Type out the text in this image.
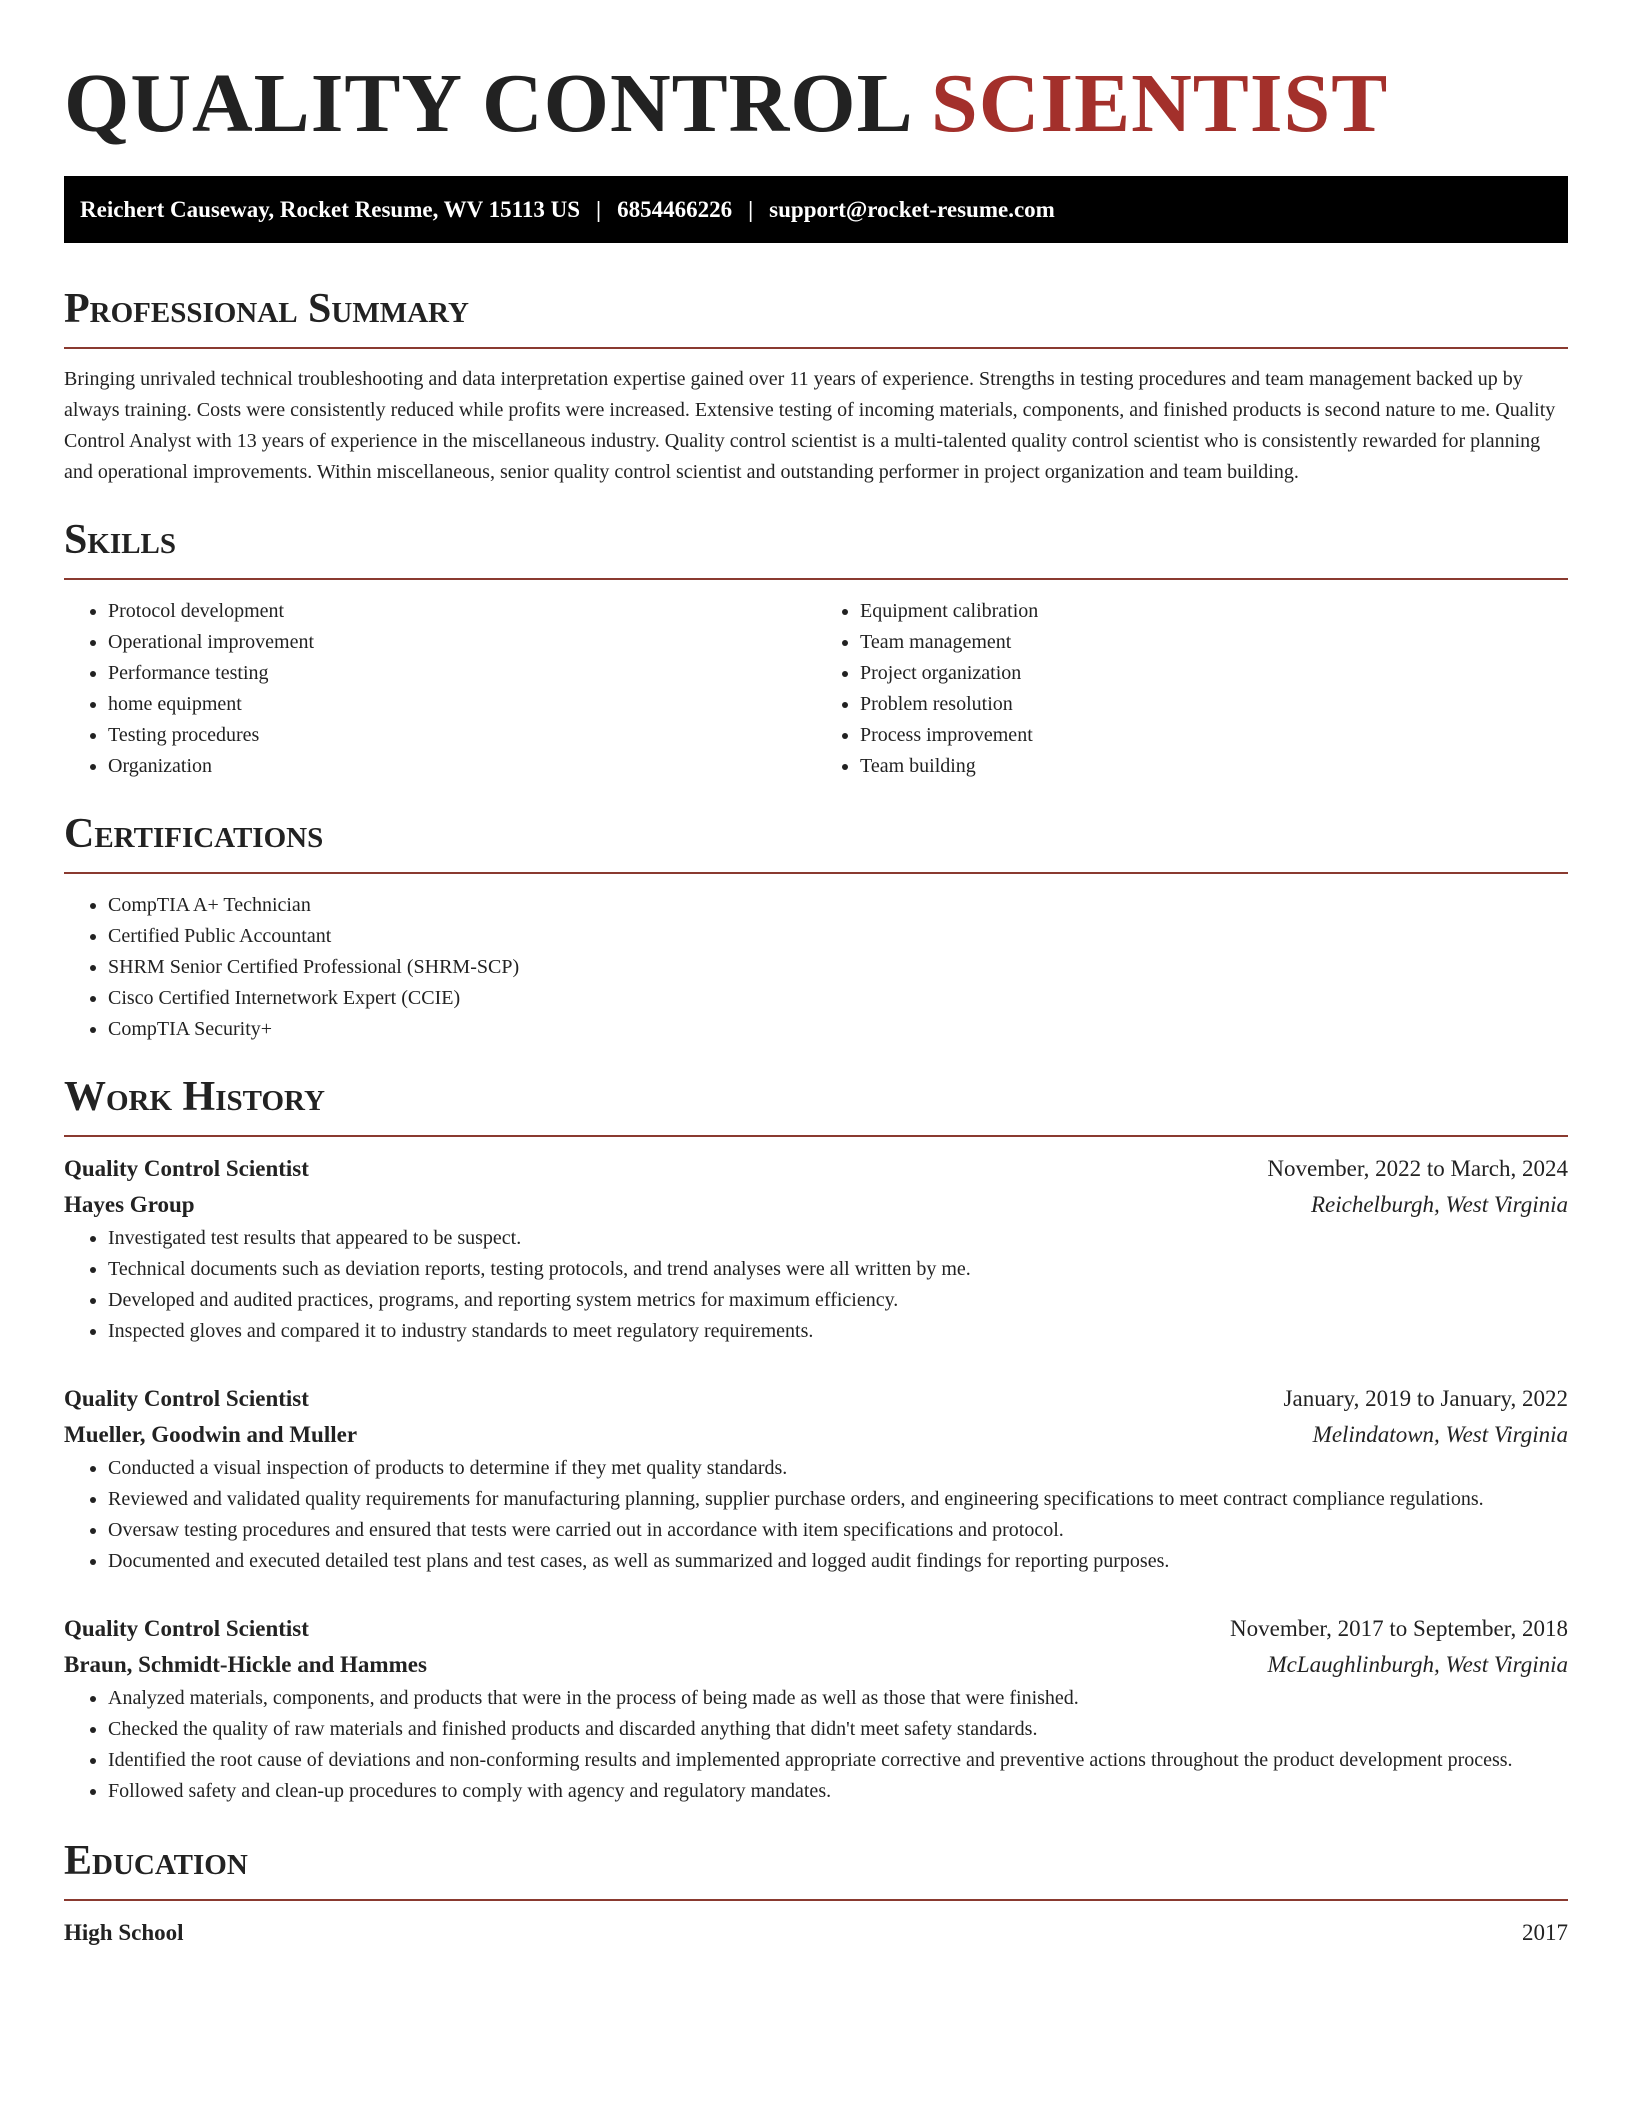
QUALITY CONTROL SCIENTIST
Reichert Causeway, Rocket Resume, WV 15113 US | 6854466226 | support@rocket-resume.com
Professional Summary

Bringing unrivaled technical troubleshooting and data interpretation expertise gained over 11 years of experience. Strengths in testing procedures and team management backed up by always training. Costs were consistently reduced while profits were increased. Extensive testing of incoming materials, components, and finished products is second nature to me. Quality Control Analyst with 13 years of experience in the miscellaneous industry. Quality control scientist is a multi-talented quality control scientist who is consistently rewarded for planning and operational improvements. Within miscellaneous, senior quality control scientist and outstanding performer in project organization and team building.

Skills
• Protocol development
• Operational improvement
• Performance testing
• home equipment
• Testing procedures
• Organization
• Equipment calibration
• Team management
• Project organization
• Problem resolution
• Process improvement
• Team building
Certifications
• CompTIA A+ Technician
• Certified Public Accountant
• SHRM Senior Certified Professional (SHRM-SCP)
• Cisco Certified Internetwork Expert (CCIE)
• CompTIA Security+
Work History
Quality Control Scientist	November, 2022 to March, 2024
Hayes Group	Reichelburgh, West Virginia
• Investigated test results that appeared to be suspect.
• Technical documents such as deviation reports, testing protocols, and trend analyses were all written by me.
• Developed and audited practices, programs, and reporting system metrics for maximum efficiency.
• Inspected gloves and compared it to industry standards to meet regulatory requirements.
Quality Control Scientist	January, 2019 to January, 2022
Mueller, Goodwin and Muller	Melindatown, West Virginia
• Conducted a visual inspection of products to determine if they met quality standards.
• Reviewed and validated quality requirements for manufacturing planning, supplier purchase orders, and engineering specifications to meet contract compliance regulations.
• Oversaw testing procedures and ensured that tests were carried out in accordance with item specifications and protocol.
• Documented and executed detailed test plans and test cases, as well as summarized and logged audit findings for reporting purposes.
Quality Control Scientist	November, 2017 to September, 2018
Braun, Schmidt-Hickle and Hammes	McLaughlinburgh, West Virginia
• Analyzed materials, components, and products that were in the process of being made as well as those that were finished.
• Checked the quality of raw materials and finished products and discarded anything that didn't meet safety standards.
• Identified the root cause of deviations and non-conforming results and implemented appropriate corrective and preventive actions throughout the product development process.
• Followed safety and clean-up procedures to comply with agency and regulatory mandates.
Education
High School	2017
